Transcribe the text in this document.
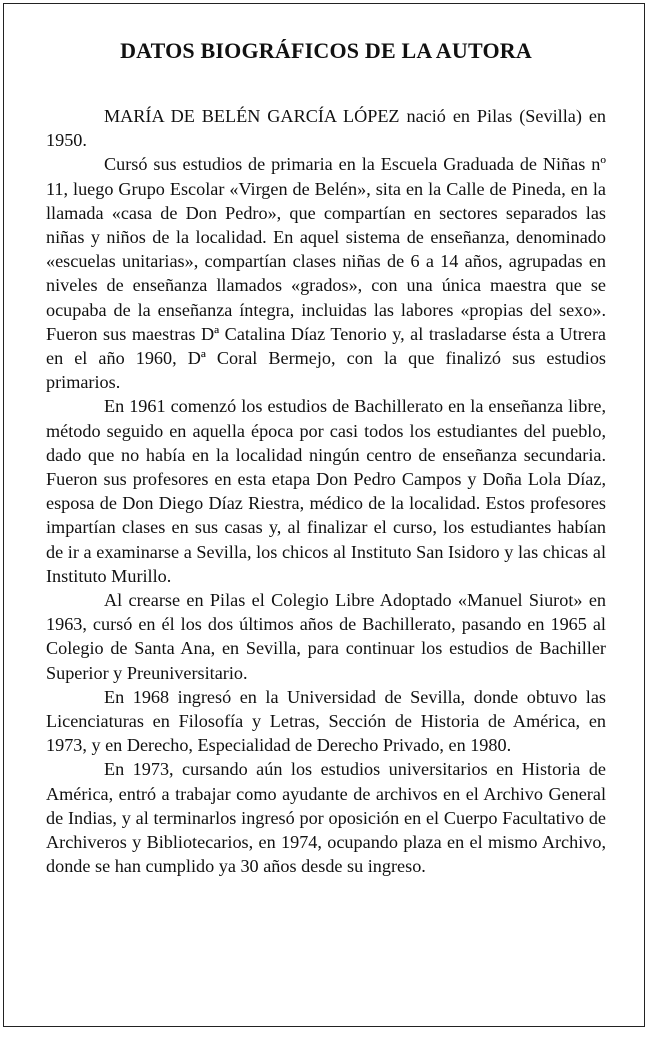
DATOS BIOGRÁFICOS DE LA AUTORA

MARÍA DE BELÉN GARCÍA LÓPEZ nació en Pilas (Sevilla) en 1950.

Cursó sus estudios de primaria en la Escuela Graduada de Niñas nº 11, luego Grupo Escolar «Virgen de Belén», sita en la Calle de Pineda, en la llamada «casa de Don Pedro», que compartían en sectores separados las niñas y niños de la localidad. En aquel sistema de enseñanza, denominado «escuelas unitarias», compartían clases niñas de 6 a 14 años, agrupadas en niveles de enseñanza llamados «grados», con una única maestra que se ocupaba de la enseñanza íntegra, incluidas las labores «propias del sexo». Fueron sus maestras Dª Catalina Díaz Tenorio y, al trasladarse ésta a Utrera en el año 1960, Dª Coral Bermejo, con la que finalizó sus estudios primarios.

En 1961 comenzó los estudios de Bachillerato en la enseñanza libre, método seguido en aquella época por casi todos los estudiantes del pueblo, dado que no había en la localidad ningún centro de enseñanza secundaria. Fueron sus profesores en esta etapa Don Pedro Campos y Doña Lola Díaz, esposa de Don Diego Díaz Riestra, médico de la localidad. Estos profesores impartían clases en sus casas y, al finalizar el curso, los estudiantes habían de ir a examinarse a Sevilla, los chicos al Instituto San Isidoro y las chicas al Instituto Murillo.

Al crearse en Pilas el Colegio Libre Adoptado «Manuel Siurot» en 1963, cursó en él los dos últimos años de Bachillerato, pasando en 1965 al Colegio de Santa Ana, en Sevilla, para continuar los estudios de Bachiller Superior y Preuniversitario.

En 1968 ingresó en la Universidad de Sevilla, donde obtuvo las Licenciaturas en Filosofía y Letras, Sección de Historia de América, en 1973, y en Derecho, Especialidad de Derecho Privado, en 1980.

En 1973, cursando aún los estudios universitarios en Historia de América, entró a trabajar como ayudante de archivos en el Archivo General de Indias, y al terminarlos ingresó por oposición en el Cuerpo Facultativo de Archiveros y Bibliotecarios, en 1974, ocupando plaza en el mismo Archivo, donde se han cumplido ya 30 años desde su ingreso.
